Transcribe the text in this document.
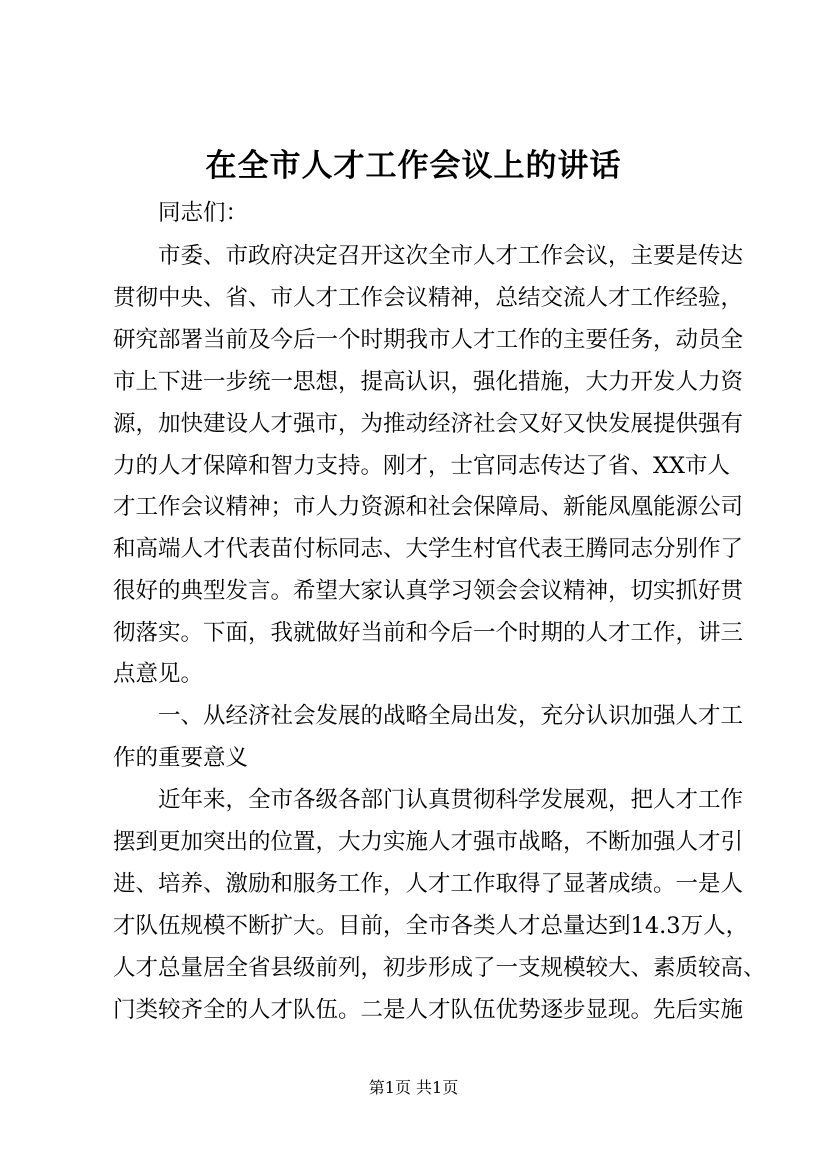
在全市人才工作会议上的讲话
同志们：
市委、市政府决定召开这次全市人才工作会议，主要是传达
贯彻中央、省、市人才工作会议精神，总结交流人才工作经验，
研究部署当前及今后一个时期我市人才工作的主要任务，动员全
市上下进一步统一思想，提高认识，强化措施，大力开发人力资
源，加快建设人才强市，为推动经济社会又好又快发展提供强有
力的人才保障和智力支持。刚才，士官同志传达了省、XX市人
才工作会议精神；市人力资源和社会保障局、新能凤凰能源公司
和高端人才代表苗付标同志、大学生村官代表王腾同志分别作了
很好的典型发言。希望大家认真学习领会会议精神，切实抓好贯
彻落实。下面，我就做好当前和今后一个时期的人才工作，讲三
点意见。
一、从经济社会发展的战略全局出发，充分认识加强人才工
作的重要意义
近年来，全市各级各部门认真贯彻科学发展观，把人才工作
摆到更加突出的位置，大力实施人才强市战略，不断加强人才引
进、培养、激励和服务工作，人才工作取得了显著成绩。一是人
才队伍规模不断扩大。目前，全市各类人才总量达到14.3万人，
人才总量居全省县级前列，初步形成了一支规模较大、素质较高、
门类较齐全的人才队伍。二是人才队伍优势逐步显现。先后实施
第1页 共1页
